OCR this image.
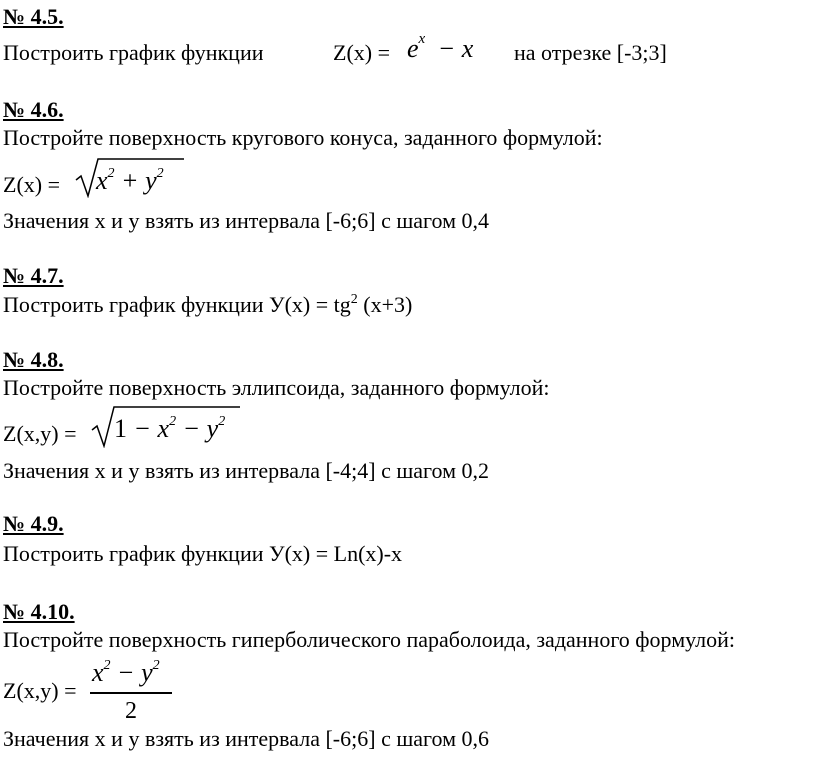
№ 4.5.
Построить график функции	$Z(x) = e^x - x$ на отрезке [-3;3]
№ 4.6.
Постройте поверхность кругового конуса, заданного формулой:
$Z(x) = x^2 + y^2$
Значения х и у взять из интервала [-6;6] с шагом 0,4
№ 4.7.
Построить график функции $У(х) = tg^2$ (х+3)
№ 4.8.
Постройте поверхность эллипсоида, заданного формулой:
$Z(x,y) = 1 - x^2 - y^2$
Значения х и у взять из интервала [-4;4] с шагом 0,2
№ 4.9.
Построить график функции У(х) = Ln(x)-x
№ 4.10.
Постройте поверхность гиперболического параболоида, заданного формулой:
Z(x,y) =
$x^2 - y^2$
2
Значения х и у взять из интервала [-6;6] с шагом 0,6
